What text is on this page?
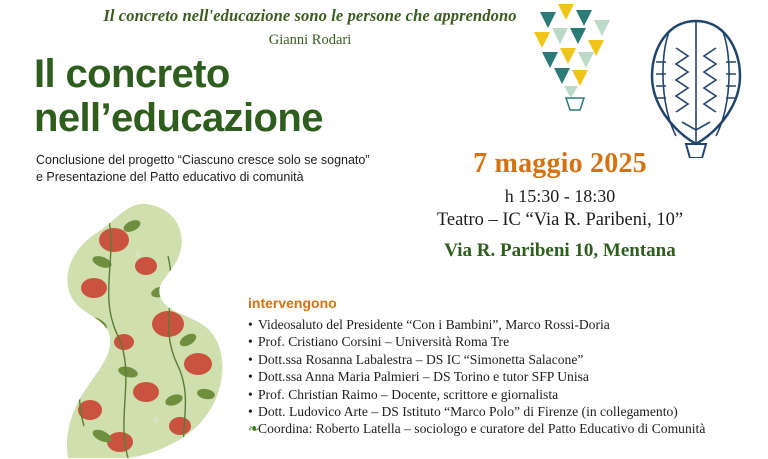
Il concreto nell'educazione sono le persone che apprendono
Gianni Rodari
Il concreto
nell’educazione
Conclusione del progetto “Ciascuno cresce solo se sognato”
e Presentazione del Patto educativo di comunità	7 maggio 2025
h 15:30 - 18:30
Teatro – IC “Via R. Paribeni, 10”
Via R. Paribeni 10, Mentana
intervengono
• Videosaluto del Presidente “Con i Bambini”, Marco Rossi-Doria
• Prof. Cristiano Corsini – Università Roma Tre
• Dott.ssa Rosanna Labalestra – DS IC “Simonetta Salacone”
• Dott.ssa Anna Maria Palmieri – DS Torino e tutor SFP Unisa
• Prof. Christian Raimo – Docente, scrittore e giornalista
• Dott. Ludovico Arte – DS Istituto “Marco Polo” di Firenze (in collegamento)
❧Coordina: Roberto Latella – sociologo e curatore del Patto Educativo di Comunità
